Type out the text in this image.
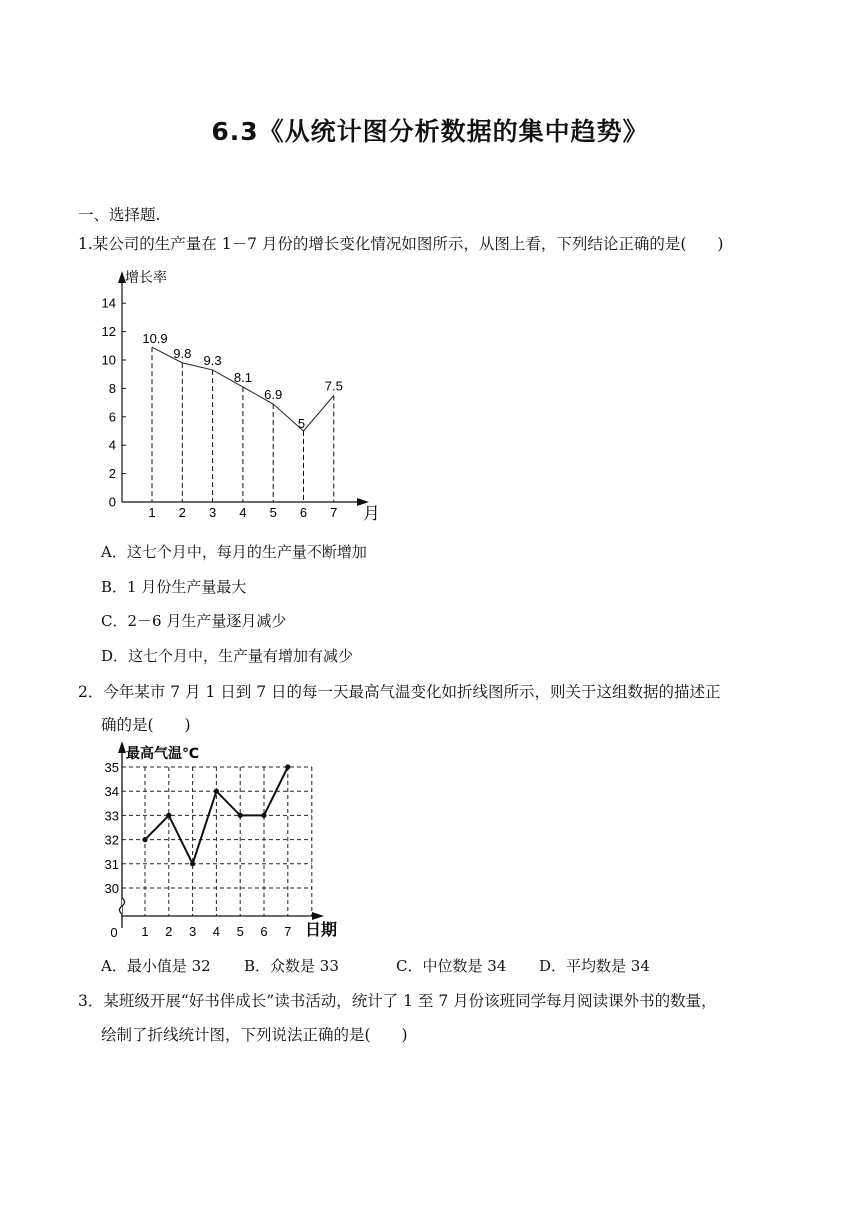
6.3《从统计图分析数据的集中趋势》
一、选择题.
1.某公司的生产量在 1－7 月份的增长变化情况如图所示，从图上看，下列结论正确的是(　　)
增长率
月
0
2
4
6
8
10
12
14
1 2 3 4 5 6 7
10.9
9.8 9.3
8.1
6.9
5
7.5
A．这七个月中，每月的生产量不断增加
B．1 月份生产量最大
C．2－6 月生产量逐月减少
D．这七个月中，生产量有增加有减少
2．今年某市 7 月 1 日到 7 日的每一天最高气温变化如折线图所示，则关于这组数据的描述正
确的是(　　)
最高气温℃
日期
0
30
31
32
33
34
35
1 2 3 4 5 6 7
A．最小值是 32 B．众数是 33	C．中位数是 34 D．平均数是 34
3．某班级开展“好书伴成长”读书活动，统计了 1 至 7 月份该班同学每月阅读课外书的数量，
绘制了折线统计图，下列说法正确的是(　　)
